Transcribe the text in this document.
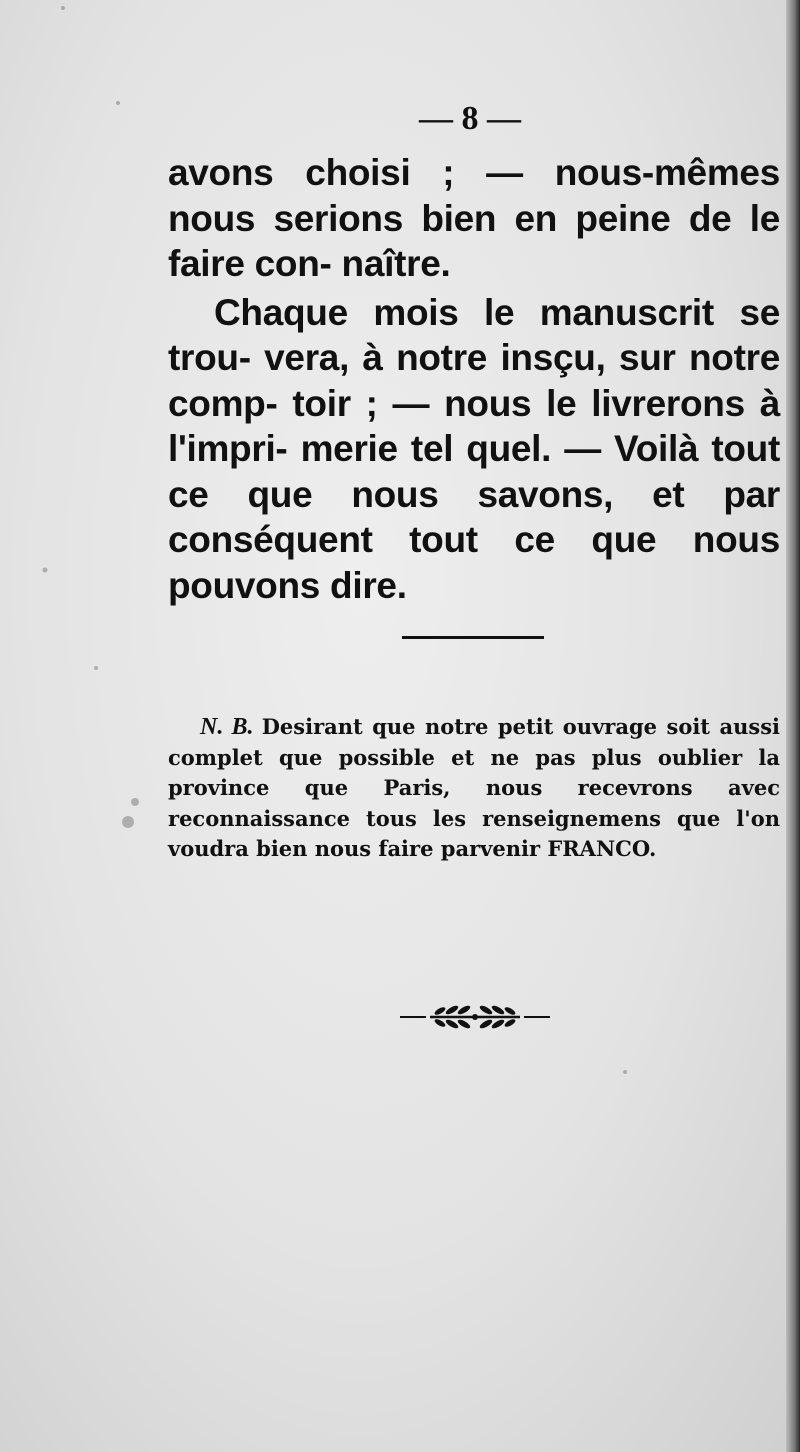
— 8 —

avons choisi ; — nous-mêmes nous serions bien en peine de le faire con- naître.

Chaque mois le manuscrit se trou- vera, à notre insçu, sur notre comp- toir ; — nous le livrerons à l'impri- merie tel quel. — Voilà tout ce que nous savons, et par conséquent tout ce que nous pouvons dire.

N. B. Desirant que notre petit ouvrage soit aussi complet que possible et ne pas plus oublier la province que Paris, nous recevrons avec reconnaissance tous les renseignemens que l'on voudra bien nous faire parvenir FRANCO.
